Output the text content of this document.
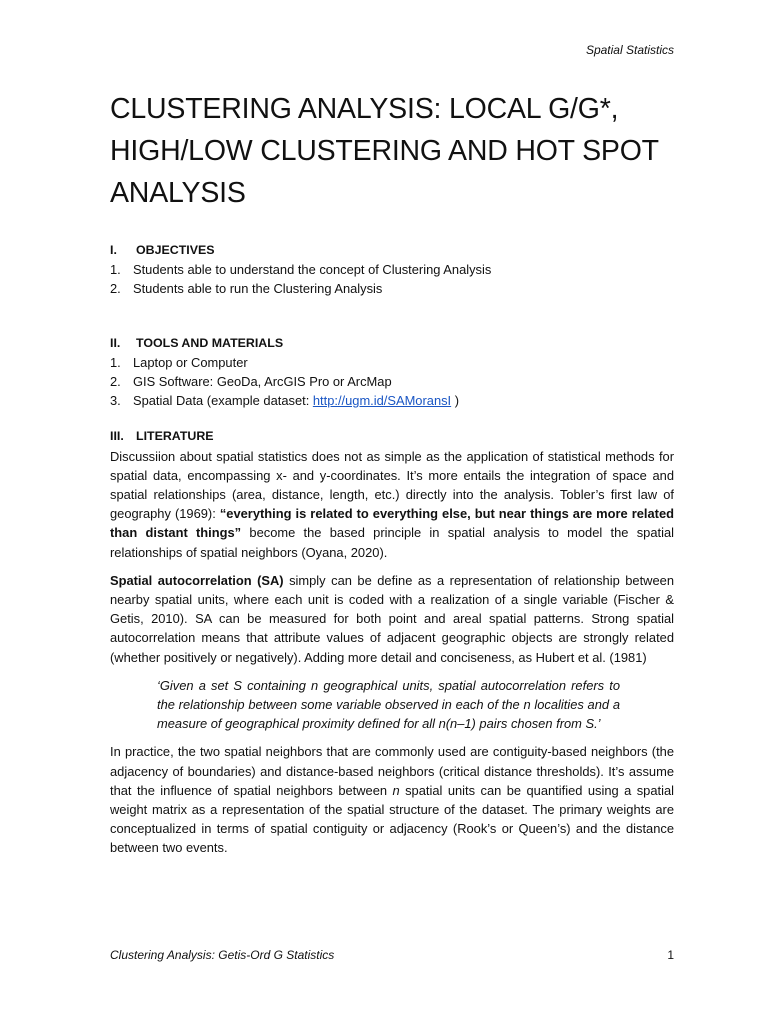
Spatial Statistics
CLUSTERING ANALYSIS: LOCAL G/G*, HIGH/LOW CLUSTERING AND HOT SPOT ANALYSIS
I. OBJECTIVES
1. Students able to understand the concept of Clustering Analysis
2. Students able to run the Clustering Analysis
II. TOOLS AND MATERIALS
1. Laptop or Computer
2. GIS Software: GeoDa, ArcGIS Pro or ArcMap
3. Spatial Data (example dataset: http://ugm.id/SAMoransI )
III. LITERATURE

Discussiion about spatial statistics does not as simple as the application of statistical methods for spatial data, encompassing x- and y-coordinates. It’s more entails the integration of space and spatial relationships (area, distance, length, etc.) directly into the analysis. Tobler’s first law of geography (1969): “everything is related to everything else, but near things are more related than distant things” become the based principle in spatial analysis to model the spatial relationships of spatial neighbors (Oyana, 2020).

Spatial autocorrelation (SA) simply can be define as a representation of relationship between nearby spatial units, where each unit is coded with a realization of a single variable (Fischer & Getis, 2010). SA can be measured for both point and areal spatial patterns. Strong spatial autocorrelation means that attribute values of adjacent geographic objects are strongly related (whether positively or negatively). Adding more detail and conciseness, as Hubert et al. (1981)

‘Given a set S containing n geographical units, spatial autocorrelation refers to the relationship between some variable observed in each of the n localities and a measure of geographical proximity defined for all n(n–1) pairs chosen from S.’

In practice, the two spatial neighbors that are commonly used are contiguity-based neighbors (the adjacency of boundaries) and distance-based neighbors (critical distance thresholds). It’s assume that the influence of spatial neighbors between n spatial units can be quantified using a spatial weight matrix as a representation of the spatial structure of the dataset. The primary weights are conceptualized in terms of spatial contiguity or adjacency (Rook’s or Queen’s) and the distance between two events.

Clustering Analysis: Getis-Ord G Statistics	1
